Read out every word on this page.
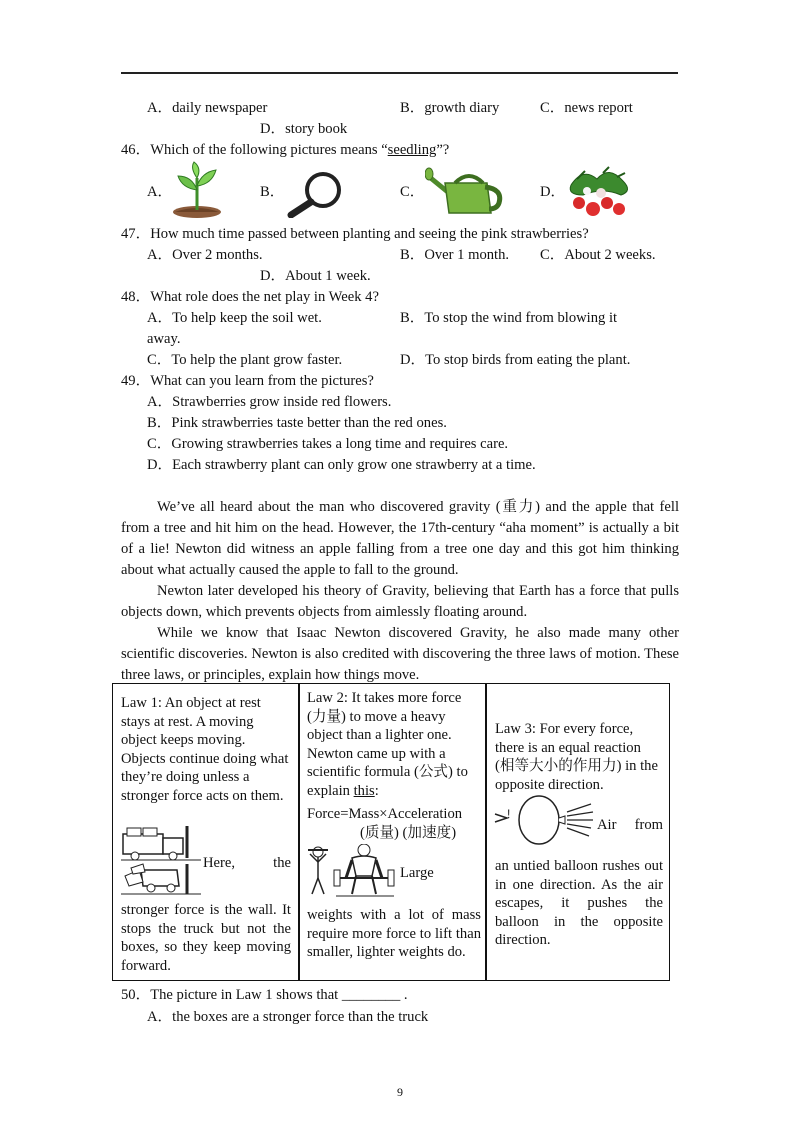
A．daily newspaper	B．growth diary	C．news report
D．story book
46．Which of the following pictures means “seedling”?
A．	B．	C．	D．
47．How much time passed between planting and seeing the pink strawberries?
A．Over 2 months.	B．Over 1 month. C．About 2 weeks.
D．About 1 week.
48．What role does the net play in Week 4?
A．To help keep the soil wet.	B．To stop the wind from blowing it
away.
C．To help the plant grow faster.	D．To stop birds from eating the plant.
49．What can you learn from the pictures?
A．Strawberries grow inside red flowers.
B．Pink strawberries taste better than the red ones.
C．Growing strawberries takes a long time and requires care.
D．Each strawberry plant can only grow one strawberry at a time.
We’ve all heard about the man who discovered gravity (重力) and the apple that fell from a tree and hit him on the head. However, the 17th-century “aha moment” is actually a bit of a lie! Newton did witness an apple falling from a tree one day and this got him thinking about what actually caused the apple to fall to the ground.
Newton later developed his theory of Gravity, believing that Earth has a force that pulls objects down, which prevents objects from aimlessly floating around.
While we know that Isaac Newton discovered Gravity, he also made many other scientific discoveries. Newton is also credited with discovering the three laws of motion. These three laws, or principles, explain how things move.
Law 1: An object at rest stays at rest. A moving object keeps moving. Objects continue doing what they’re doing unless a stronger force acts on them.
Here, the
stronger force is the wall. It stops the truck but not the boxes, so they keep moving forward.
Law 2: It takes more force (力量) to move a heavy object than a lighter one. Newton came up with a scientific formula (公式) to explain this:
Force=Mass×Acceleration
(质量) (加速度)
Large
weights with a lot of mass require more force to lift than smaller, lighter weights do.
Law 3: For every force, there is an equal reaction (相等大小的作用力) in the opposite direction.
!
Air from
an untied balloon rushes out in one direction. As the air escapes, it pushes the balloon in the opposite direction.
50．The picture in Law 1 shows that ________ .
A．the boxes are a stronger force than the truck
9
